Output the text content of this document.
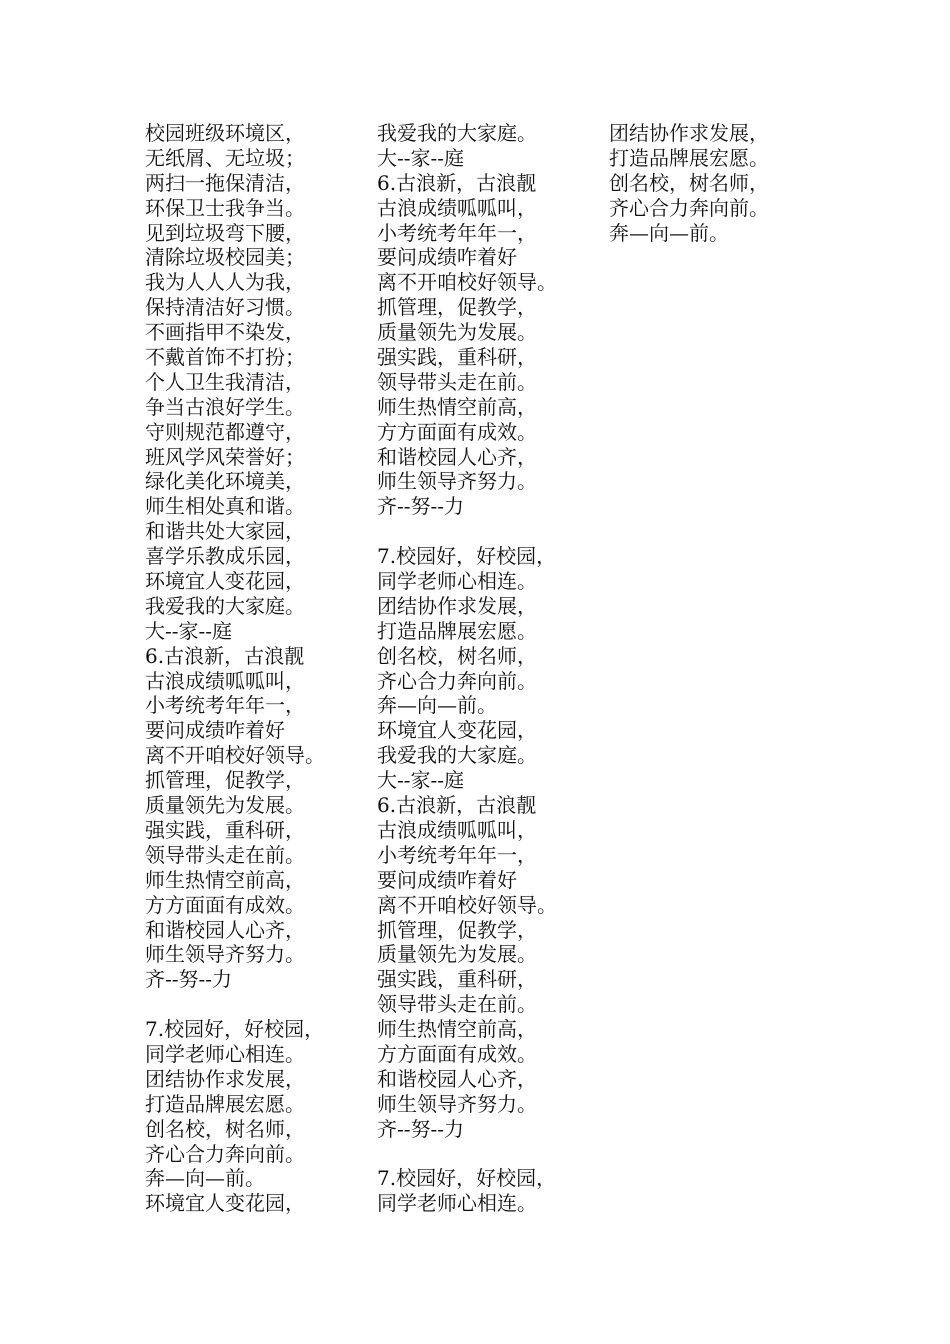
校园班级环境区，
无纸屑、无垃圾；
两扫一拖保清洁，
环保卫士我争当。
见到垃圾弯下腰，
清除垃圾校园美；
我为人人人为我，
保持清洁好习惯。
不画指甲不染发，
不戴首饰不打扮；
个人卫生我清洁，
争当古浪好学生。
守则规范都遵守，
班风学风荣誉好；
绿化美化环境美，
师生相处真和谐。
和谐共处大家园，
喜学乐教成乐园，
环境宜人变花园，
我爱我的大家庭。
大--家--庭
6.古浪新，古浪靓
古浪成绩呱呱叫，
小考统考年年一，
要问成绩咋着好
离不开咱校好领导。
抓管理，促教学，
质量领先为发展。
强实践，重科研，
领导带头走在前。
师生热情空前高，
方方面面有成效。
和谐校园人心齐，
师生领导齐努力。
齐--努--力
7.校园好，好校园，
同学老师心相连。
团结协作求发展，
打造品牌展宏愿。
创名校，树名师，
齐心合力奔向前。
奔—向—前。
环境宜人变花园，
我爱我的大家庭。
大--家--庭
6.古浪新，古浪靓
古浪成绩呱呱叫，
小考统考年年一，
要问成绩咋着好
离不开咱校好领导。
抓管理，促教学，
质量领先为发展。
强实践，重科研，
领导带头走在前。
师生热情空前高，
方方面面有成效。
和谐校园人心齐，
师生领导齐努力。
齐--努--力
7.校园好，好校园，
同学老师心相连。
团结协作求发展，
打造品牌展宏愿。
创名校，树名师，
齐心合力奔向前。
奔—向—前。
环境宜人变花园，
我爱我的大家庭。
大--家--庭
6.古浪新，古浪靓
古浪成绩呱呱叫，
小考统考年年一，
要问成绩咋着好
离不开咱校好领导。
抓管理，促教学，
质量领先为发展。
强实践，重科研，
领导带头走在前。
师生热情空前高，
方方面面有成效。
和谐校园人心齐，
师生领导齐努力。
齐--努--力
7.校园好，好校园，
同学老师心相连。
团结协作求发展，
打造品牌展宏愿。
创名校，树名师，
齐心合力奔向前。
奔—向—前。
